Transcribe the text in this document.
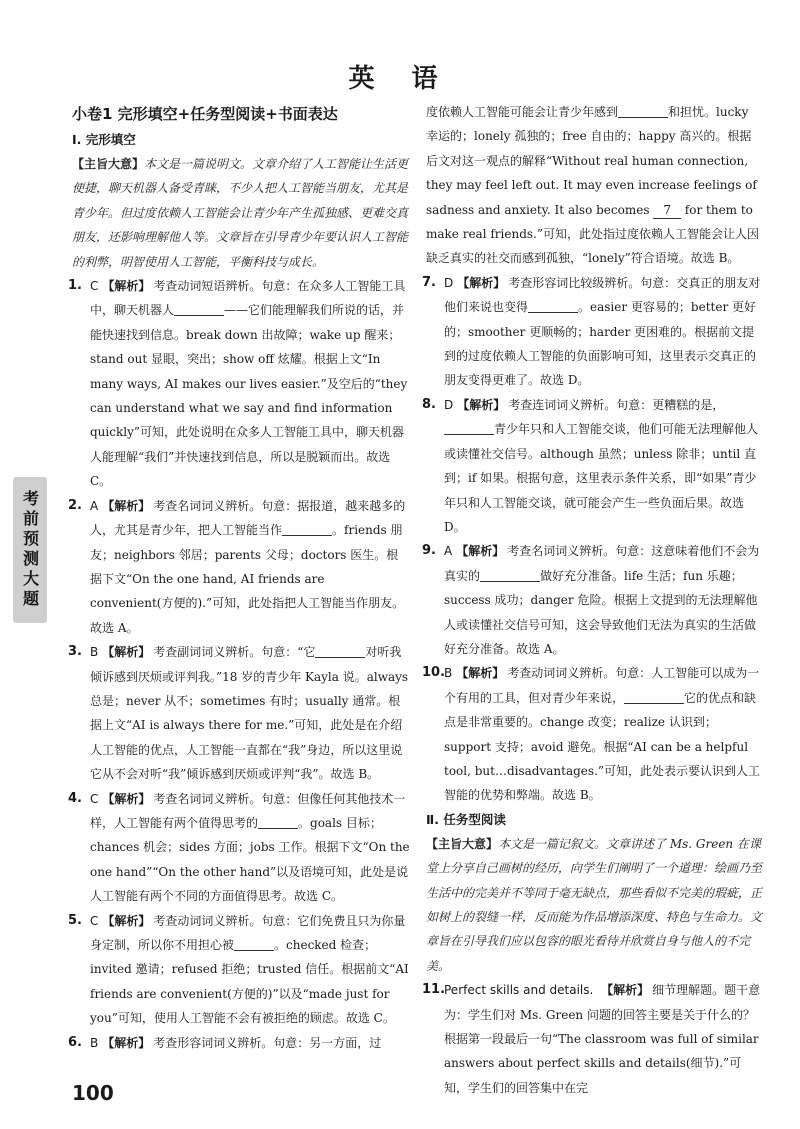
英 语
考前预测大题
小卷1 完形填空+任务型阅读+书面表达
Ⅰ. 完形填空
【主旨大意】本文是一篇说明文。文章介绍了人工智能让生活更便捷，聊天机器人备受青睐，不少人把人工智能当朋友，尤其是青少年。但过度依赖人工智能会让青少年产生孤独感、更难交真朋友，还影响理解他人等。文章旨在引导青少年要认识人工智能的利弊，明智使用人工智能，平衡科技与成长。
1. C 【解析】 考查动词短语辨析。句意：在众多人工智能工具中，聊天机器人	——它们能理解我们所说的话，并能快速找到信息。break down 出故障；wake up 醒来；stand out 显眼，突出；show off 炫耀。根据上文“In many ways, AI makes our lives easier.”及空后的“they can understand what we say and find information quickly”可知，此处说明在众多人工智能工具中，聊天机器人能理解“我们”并快速找到信息，所以是脱颖而出。故选 C。
2. A 【解析】 考查名词词义辨析。句意：据报道，越来越多的人，尤其是青少年，把人工智能当作	。friends 朋友；neighbors 邻居；parents 父母；doctors 医生。根据下文“On the one hand, AI friends are convenient(方便的).”可知，此处指把人工智能当作朋友。故选 A。
3. B 【解析】 考查副词词义辨析。句意：“它	对听我倾诉感到厌烦或评判我。”18 岁的青少年 Kayla 说。always 总是；never 从不；sometimes 有时；usually 通常。根据上文“AI is always there for me.”可知，此处是在介绍人工智能的优点，人工智能一直都在“我”身边，所以这里说它从不会对听“我”倾诉感到厌烦或评判“我”。故选 B。
4. C 【解析】 考查名词词义辨析。句意：但像任何其他技术一样，人工智能有两个值得思考的	。goals 目标；chances 机会；sides 方面；jobs 工作。根据下文“On the one hand”“On the other hand”以及语境可知，此处是说人工智能有两个不同的方面值得思考。故选 C。
5. C 【解析】 考查动词词义辨析。句意：它们免费且只为你量身定制，所以你不用担心被	。checked 检查；invited 邀请；refused 拒绝；trusted 信任。根据前文“AI friends are convenient(方便的)”以及“made just for you”可知，使用人工智能不会有被拒绝的顾虑。故选 C。
6. B 【解析】 考查形容词词义辨析。句意：另一方面，过
度依赖人工智能可能会让青少年感到	和担忧。lucky 幸运的；lonely 孤独的；free 自由的；happy 高兴的。根据后文对这一观点的解释“Without real human connection, they may feel left out. It may even increase feelings of sadness and anxiety. It also becomes 7 for them to make real friends.”可知，此处指过度依赖人工智能会让人因缺乏真实的社交而感到孤独，“lonely”符合语境。故选 B。
7. D 【解析】 考查形容词比较级辨析。句意：交真正的朋友对他们来说也变得	。easier 更容易的；better 更好的；smoother 更顺畅的；harder 更困难的。根据前文提到的过度依赖人工智能的负面影响可知，这里表示交真正的朋友变得更难了。故选 D。
8. D 【解析】 考查连词词义辨析。句意：更糟糕的是，青少年只和人工智能交谈，他们可能无法理解他人或读懂社交信号。although 虽然；unless 除非；until 直到；if 如果。根据句意，这里表示条件关系，即“如果”青少年只和人工智能交谈，就可能会产生一些负面后果。故选 D。
9. A 【解析】 考查名词词义辨析。句意：这意味着他们不会为真实的	做好充分准备。life 生活；fun 乐趣；success 成功；danger 危险。根据上文提到的无法理解他人或读懂社交信号可知，这会导致他们无法为真实的生活做好充分准备。故选 A。
10.
B 【解析】 考查动词词义辨析。句意：人工智能可以成为一个有用的工具，但对青少年来说，	它的优点和缺点是非常重要的。change 改变；realize 认识到；support 支持；avoid 避免。根据“AI can be a helpful tool, but…disadvantages.”可知，此处表示要认识到人工智能的优势和弊端。故选 B。
Ⅱ. 任务型阅读
【主旨大意】本文是一篇记叙文。文章讲述了 Ms. Green 在课堂上分享自己画树的经历，向学生们阐明了一个道理：绘画乃至生活中的完美并不等同于毫无缺点，那些看似不完美的瑕疵，正如树上的裂缝一样，反而能为作品增添深度、特色与生命力。文章旨在引导我们应以包容的眼光看待并欣赏自身与他人的不完美。
11.
Perfect skills and details. 【解析】 细节理解题。题干意为：学生们对 Ms. Green 问题的回答主要是关于什么的？根据第一段最后一句“The classroom was full of similar answers about perfect skills and details(细节).”可知，学生们的回答集中在完
100
